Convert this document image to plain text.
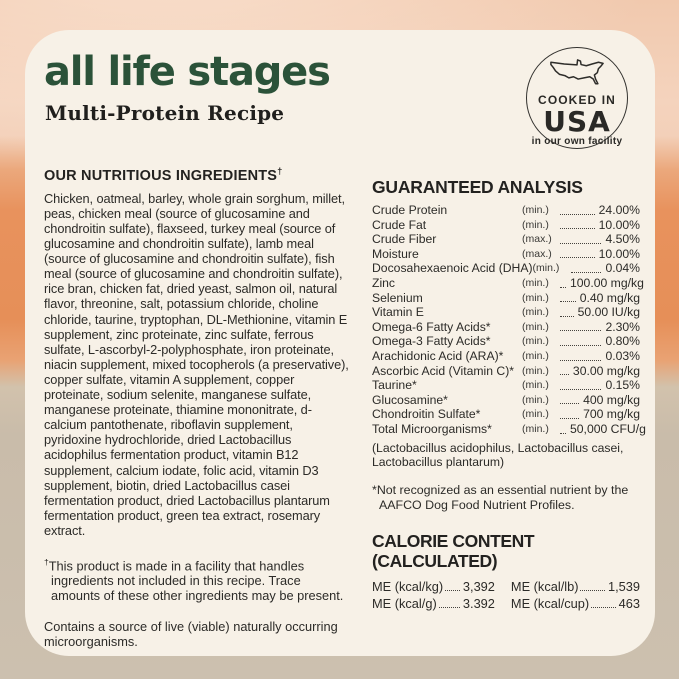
all life stages
Multi-Protein Recipe
COOKED IN
USA
in our own facility
OUR NUTRITIOUS INGREDIENTS†

Chicken, oatmeal, barley, whole grain sorghum, millet, peas, chicken meal (source of glucosamine and chondroitin sulfate), flaxseed, turkey meal (source of glucosamine and chondroitin sulfate), lamb meal (source of glucosamine and chondroitin sulfate), fish meal (source of glucosamine and chondroitin sulfate), rice bran, chicken fat, dried yeast, salmon oil, natural flavor, threonine, salt, potassium chloride, choline chloride, taurine, tryptophan, DL-Methionine, vitamin E supplement, zinc proteinate, zinc sulfate, ferrous sulfate, L-ascorbyl-2-polyphosphate, iron proteinate, niacin supplement, mixed tocopherols (a preservative), copper sulfate, vitamin A supplement, copper proteinate, sodium selenite, manganese sulfate, manganese proteinate, thiamine mononitrate, d-calcium pantothenate, riboflavin supplement, pyridoxine hydrochloride, dried Lactobacillus acidophilus fermentation product, vitamin B12 supplement, calcium iodate, folic acid, vitamin D3 supplement, biotin, dried Lactobacillus casei fermentation product, dried Lactobacillus plantarum fermentation product, green tea extract, rosemary extract.

†This product is made in a facility that handles ingredients not included in this recipe. Trace amounts of these other ingredients may be present.

Contains a source of live (viable) naturally occurring microorganisms.

GUARANTEED ANALYSIS
Crude Protein	(min.)	24.00%
Crude Fat	(min.)	10.00%
Crude Fiber	(max.)	4.50%
Moisture	(max.)	10.00%
Docosahexaenoic Acid (DHA) (min.)	0.04%
Zinc	(min.)	100.00 mg/kg
Selenium	(min.)	0.40 mg/kg
Vitamin E	(min.)	50.00 IU/kg
Omega-6 Fatty Acids*	(min.)	2.30%
Omega-3 Fatty Acids*	(min.)	0.80%
Arachidonic Acid (ARA)*	(min.)	0.03%
Ascorbic Acid (Vitamin C)* (min.)	30.00 mg/kg
Taurine*	(min.)	0.15%
Glucosamine*	(min.)	400 mg/kg
Chondroitin Sulfate*	(min.)	700 mg/kg
Total Microorganisms*	(min.)	50,000 CFU/g

(Lactobacillus acidophilus, Lactobacillus casei, Lactobacillus plantarum)

*Not recognized as an essential nutrient by the AAFCO Dog Food Nutrient Profiles.

CALORIE CONTENT (CALCULATED)
ME (kcal/kg) 3,392 ME (kcal/lb) 1,539
ME (kcal/g) 3.392 ME (kcal/cup) 463
